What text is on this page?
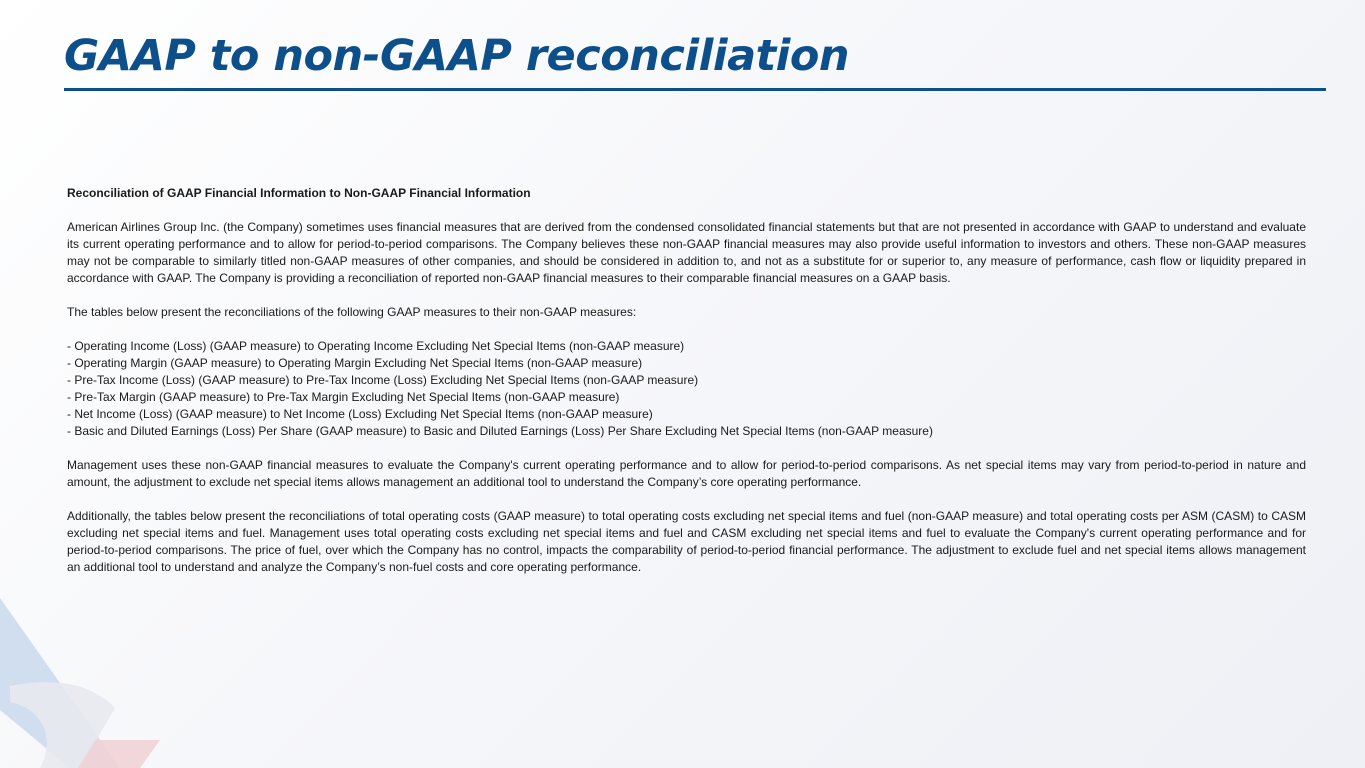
GAAP to non-GAAP reconciliation

Reconciliation of GAAP Financial Information to Non-GAAP Financial Information

American Airlines Group Inc. (the Company) sometimes uses financial measures that are derived from the condensed consolidated financial statements but that are not presented in accordance with GAAP to understand and evaluate its current operating performance and to allow for period-to-period comparisons. The Company believes these non-GAAP financial measures may also provide useful information to investors and others. These non-GAAP measures may not be comparable to similarly titled non-GAAP measures of other companies, and should be considered in addition to, and not as a substitute for or superior to, any measure of performance, cash flow or liquidity prepared in accordance with GAAP. The Company is providing a reconciliation of reported non-GAAP financial measures to their comparable financial measures on a GAAP basis.

The tables below present the reconciliations of the following GAAP measures to their non-GAAP measures:

- Operating Income (Loss) (GAAP measure) to Operating Income Excluding Net Special Items (non-GAAP measure)
- Operating Margin (GAAP measure) to Operating Margin Excluding Net Special Items (non-GAAP measure)
- Pre-Tax Income (Loss) (GAAP measure) to Pre-Tax Income (Loss) Excluding Net Special Items (non-GAAP measure)
- Pre-Tax Margin (GAAP measure) to Pre-Tax Margin Excluding Net Special Items (non-GAAP measure)
- Net Income (Loss) (GAAP measure) to Net Income (Loss) Excluding Net Special Items (non-GAAP measure)
- Basic and Diluted Earnings (Loss) Per Share (GAAP measure) to Basic and Diluted Earnings (Loss) Per Share Excluding Net Special Items (non-GAAP measure)

Management uses these non-GAAP financial measures to evaluate the Company's current operating performance and to allow for period-to-period comparisons. As net special items may vary from period-to-period in nature and amount, the adjustment to exclude net special items allows management an additional tool to understand the Company’s core operating performance.

Additionally, the tables below present the reconciliations of total operating costs (GAAP measure) to total operating costs excluding net special items and fuel (non-GAAP measure) and total operating costs per ASM (CASM) to CASM excluding net special items and fuel. Management uses total operating costs excluding net special items and fuel and CASM excluding net special items and fuel to evaluate the Company's current operating performance and for period-to-period comparisons. The price of fuel, over which the Company has no control, impacts the comparability of period-to-period financial performance. The adjustment to exclude fuel and net special items allows management an additional tool to understand and analyze the Company’s non-fuel costs and core operating performance.
